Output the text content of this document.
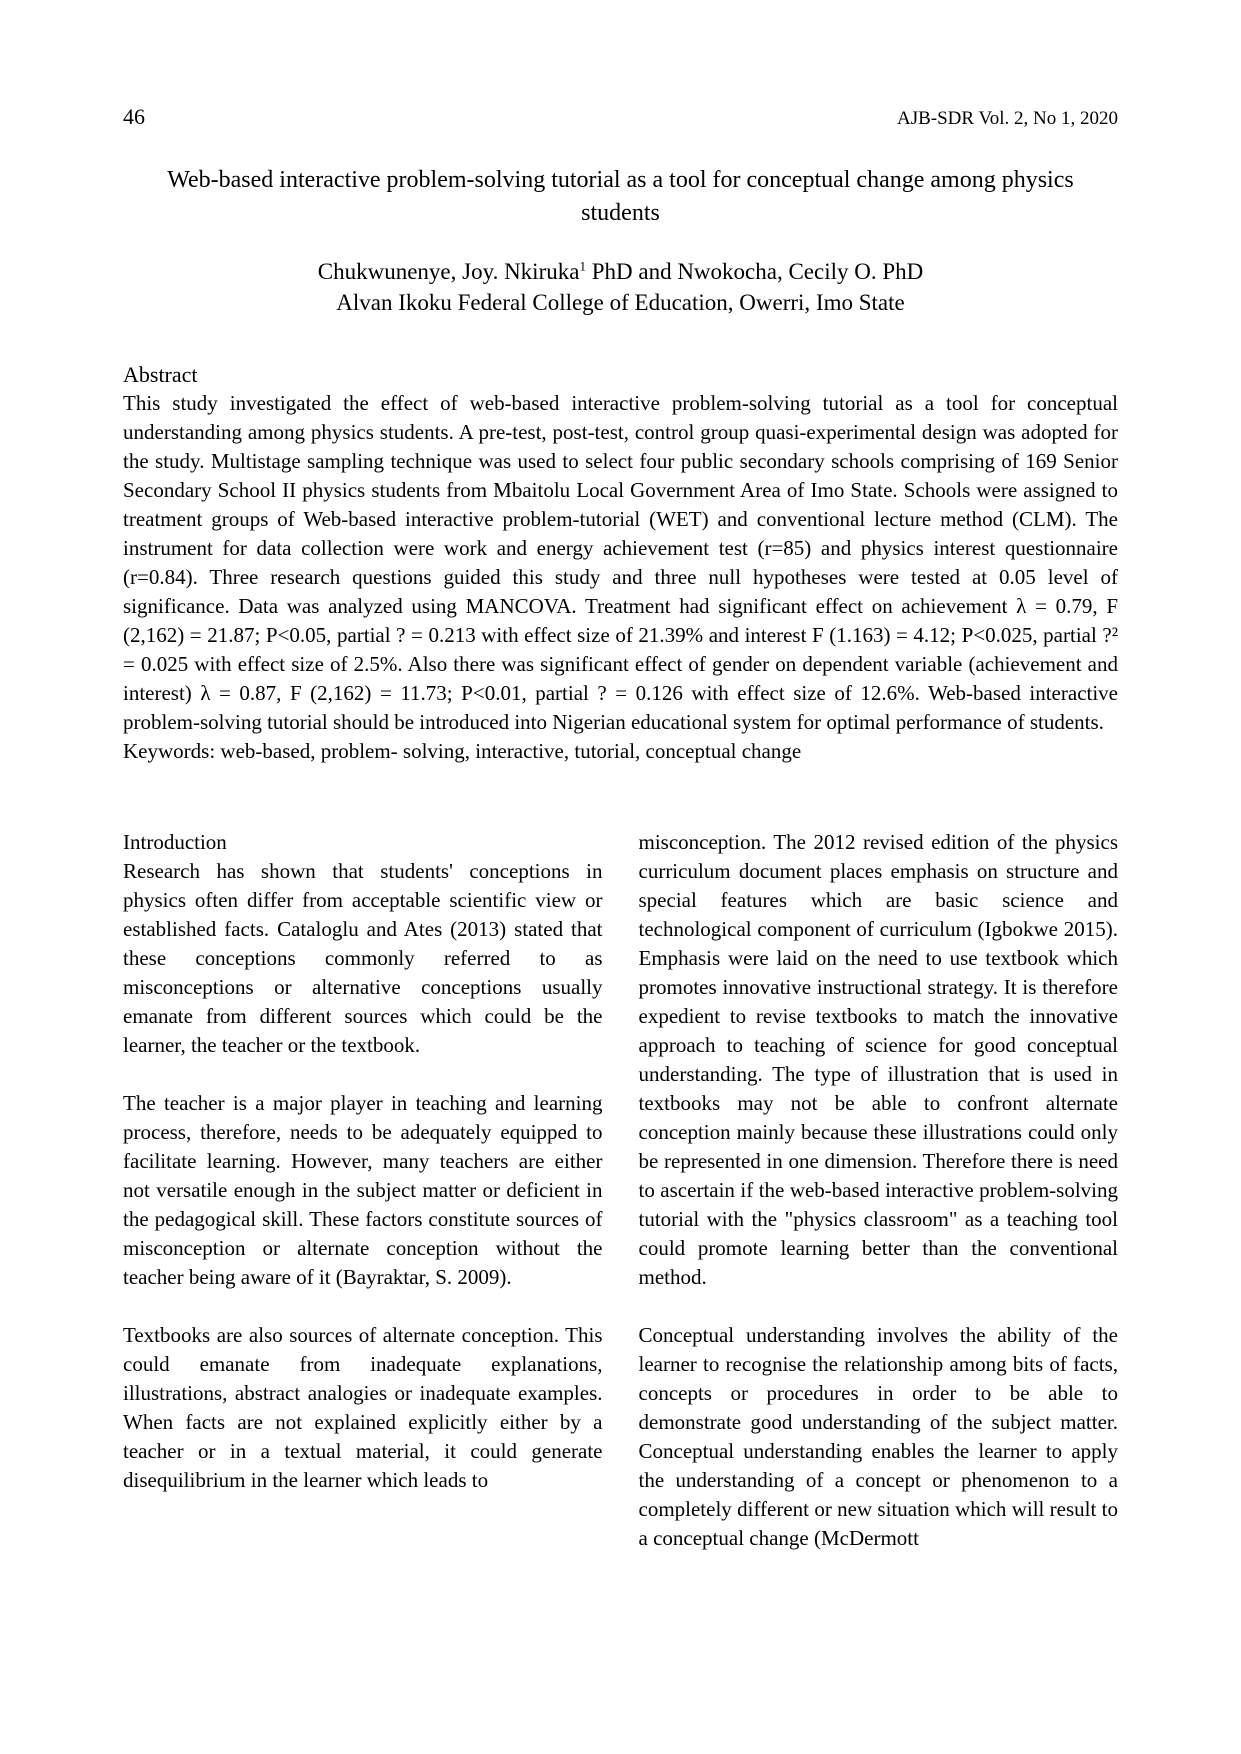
46	AJB-SDR Vol. 2, No 1, 2020
Web-based interactive problem-solving tutorial as a tool for conceptual change among physics students
Chukwunenye, Joy. Nkiruka$^1$ PhD and Nwokocha, Cecily O. PhD
Alvan Ikoku Federal College of Education, Owerri, Imo State
Abstract

This study investigated the effect of web-based interactive problem-solving tutorial as a tool for conceptual understanding among physics students. A pre-test, post-test, control group quasi-experimental design was adopted for the study. Multistage sampling technique was used to select four public secondary schools comprising of 169 Senior Secondary School II physics students from Mbaitolu Local Government Area of Imo State. Schools were assigned to treatment groups of Web-based interactive problem-tutorial (WET) and conventional lecture method (CLM). The instrument for data collection were work and energy achievement test (r=85) and physics interest questionnaire (r=0.84). Three research questions guided this study and three null hypotheses were tested at 0.05 level of significance. Data was analyzed using MANCOVA. Treatment had significant effect on achievement λ = 0.79, F (2,162) = 21.87; P<0.05, partial ? = 0.213 with effect size of 21.39% and interest F (1.163) = 4.12; P<0.025, partial ?² = 0.025 with effect size of 2.5%. Also there was significant effect of gender on dependent variable (achievement and interest) λ = 0.87, F (2,162) = 11.73; P<0.01, partial ? = 0.126 with effect size of 12.6%. Web-based interactive problem-solving tutorial should be introduced into Nigerian educational system for optimal performance of students.

Keywords: web-based, problem- solving, interactive, tutorial, conceptual change
Introduction

Research has shown that students' conceptions in physics often differ from acceptable scientific view or established facts. Cataloglu and Ates (2013) stated that these conceptions commonly referred to as misconceptions or alternative conceptions usually emanate from different sources which could be the learner, the teacher or the textbook.

The teacher is a major player in teaching and learning process, therefore, needs to be adequately equipped to facilitate learning. However, many teachers are either not versatile enough in the subject matter or deficient in the pedagogical skill. These factors constitute sources of misconception or alternate conception without the teacher being aware of it (Bayraktar, S. 2009).

Textbooks are also sources of alternate conception. This could emanate from inadequate explanations, illustrations, abstract analogies or inadequate examples. When facts are not explained explicitly either by a teacher or in a textual material, it could generate disequilibrium in the learner which leads to

misconception. The 2012 revised edition of the physics curriculum document places emphasis on structure and special features which are basic science and technological component of curriculum (Igbokwe 2015). Emphasis were laid on the need to use textbook which promotes innovative instructional strategy. It is therefore expedient to revise textbooks to match the innovative approach to teaching of science for good conceptual understanding. The type of illustration that is used in textbooks may not be able to confront alternate conception mainly because these illustrations could only be represented in one dimension. Therefore there is need to ascertain if the web-based interactive problem-solving tutorial with the "physics classroom" as a teaching tool could promote learning better than the conventional method.

Conceptual understanding involves the ability of the learner to recognise the relationship among bits of facts, concepts or procedures in order to be able to demonstrate good understanding of the subject matter. Conceptual understanding enables the learner to apply the understanding of a concept or phenomenon to a completely different or new situation which will result to a conceptual change (McDermott
